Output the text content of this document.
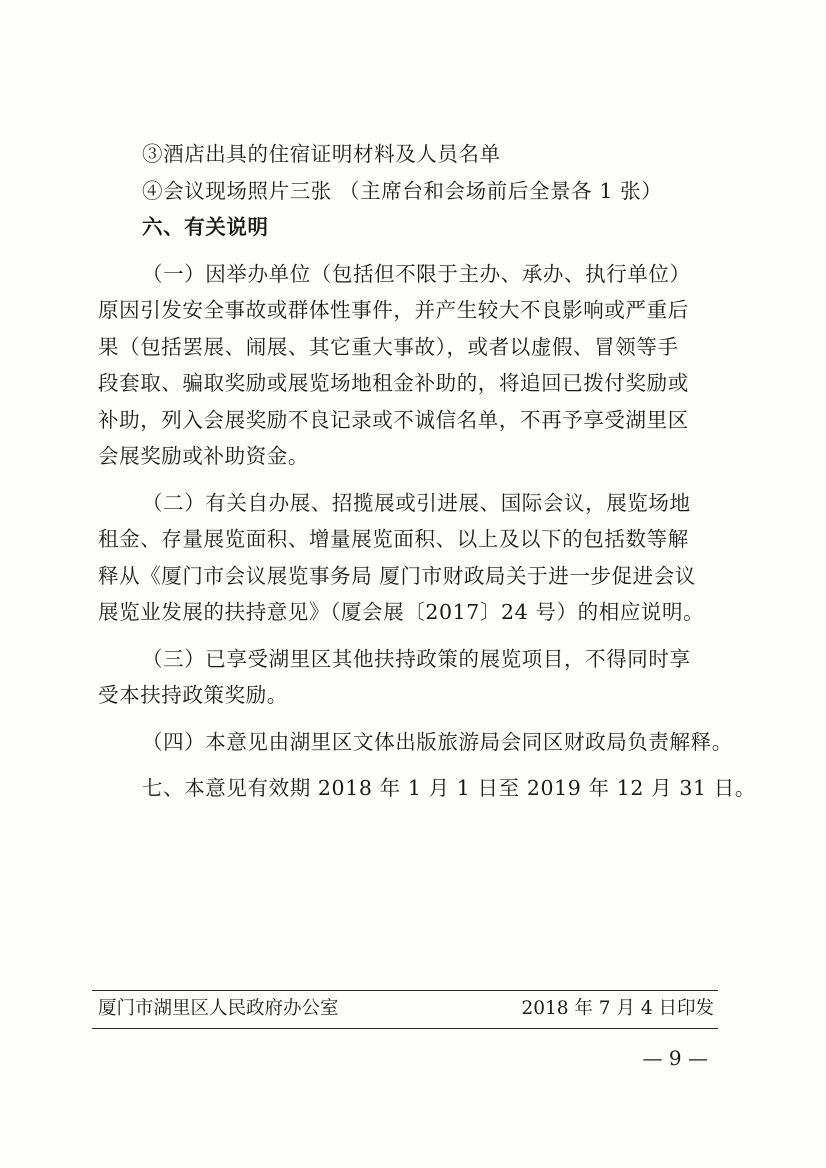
③酒店出具的住宿证明材料及人员名单
④会议现场照片三张 （主席台和会场前后全景各 1 张）
六、有关说明
（一）因举办单位（包括但不限于主办、承办、执行单位）
原因引发安全事故或群体性事件，并产生较大不良影响或严重后
果（包括罢展、闹展、其它重大事故），或者以虚假、冒领等手
段套取、骗取奖励或展览场地租金补助的，将追回已拨付奖励或
补助，列入会展奖励不良记录或不诚信名单，不再予享受湖里区
会展奖励或补助资金。
（二）有关自办展、招揽展或引进展、国际会议，展览场地
租金、存量展览面积、增量展览面积、以上及以下的包括数等解
释从《厦门市会议展览事务局 厦门市财政局关于进一步促进会议
展览业发展的扶持意见》（厦会展〔2017〕24 号）的相应说明。
（三）已享受湖里区其他扶持政策的展览项目，不得同时享
受本扶持政策奖励。
（四）本意见由湖里区文体出版旅游局会同区财政局负责解释。
七、本意见有效期 2018 年 1 月 1 日至 2019 年 12 月 31 日。
厦门市湖里区人民政府办公室	2018 年 7 月 4 日印发
— 9 —
